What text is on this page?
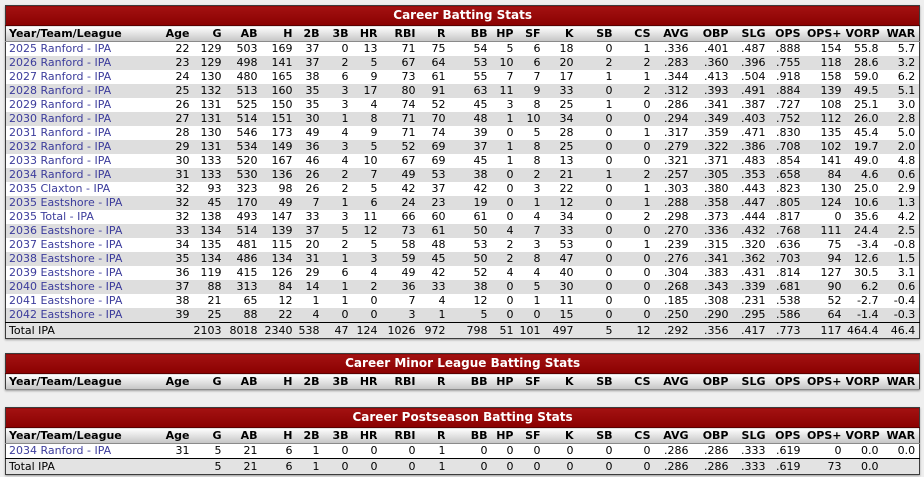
Career Batting Stats																						
Year/Team/League	Age	G	AB	H	2B	3B	HR	RBI	R	BB	HP	SF	K	SB	CS	AVG	OBP	SLG	OPS	OPS+	VORP	WAR
2025 Ranford - IPA	22	129	503	169	37	0	13	71	75	54	5	6	18	0	1	.336	.401	.487	.888	154	55.8	5.7
2026 Ranford - IPA	23	129	498	141	37	2	5	67	64	53	10	6	20	2	2	.283	.360	.396	.755	118	28.6	3.2
2027 Ranford - IPA	24	130	480	165	38	6	9	73	61	55	7	7	17	1	1	.344	.413	.504	.918	158	59.0	6.2
2028 Ranford - IPA	25	132	513	160	35	3	17	80	91	63	11	9	33	0	2	.312	.393	.491	.884	139	49.5	5.1
2029 Ranford - IPA	26	131	525	150	35	3	4	74	52	45	3	8	25	1	0	.286	.341	.387	.727	108	25.1	3.0
2030 Ranford - IPA	27	131	514	151	30	1	8	71	70	48	1	10	34	0	0	.294	.349	.403	.752	112	26.0	2.8
2031 Ranford - IPA	28	130	546	173	49	4	9	71	74	39	0	5	28	0	1	.317	.359	.471	.830	135	45.4	5.0
2032 Ranford - IPA	29	131	534	149	36	3	5	52	69	37	1	8	25	0	0	.279	.322	.386	.708	102	19.7	2.0
2033 Ranford - IPA	30	133	520	167	46	4	10	67	69	45	1	8	13	0	0	.321	.371	.483	.854	141	49.0	4.8
2034 Ranford - IPA	31	133	530	136	26	2	7	49	53	38	0	2	21	1	2	.257	.305	.353	.658	84	4.6	0.6
2035 Claxton - IPA	32	93	323	98	26	2	5	42	37	42	0	3	22	0	1	.303	.380	.443	.823	130	25.0	2.9
2035 Eastshore - IPA	32	45	170	49	7	1	6	24	23	19	0	1	12	0	1	.288	.358	.447	.805	124	10.6	1.3
2035 Total - IPA	32	138	493	147	33	3	11	66	60	61	0	4	34	0	2	.298	.373	.444	.817	0	35.6	4.2
2036 Eastshore - IPA	33	134	514	139	37	5	12	73	61	50	4	7	33	0	0	.270	.336	.432	.768	111	24.4	2.5
2037 Eastshore - IPA	34	135	481	115	20	2	5	58	48	53	2	3	53	0	1	.239	.315	.320	.636	75	-3.4	-0.8
2038 Eastshore - IPA	35	134	486	134	31	1	3	59	45	50	2	8	47	0	0	.276	.341	.362	.703	94	12.6	1.5
2039 Eastshore - IPA	36	119	415	126	29	6	4	49	42	52	4	4	40	0	0	.304	.383	.431	.814	127	30.5	3.1
2040 Eastshore - IPA	37	88	313	84	14	1	2	36	33	38	0	5	30	0	0	.268	.343	.339	.681	90	6.2	0.6
2041 Eastshore - IPA	38	21	65	12	1	1	0	7	4	12	0	1	11	0	0	.185	.308	.231	.538	52	-2.7	-0.4
2042 Eastshore - IPA	39	25	88	22	4	0	0	3	1	5	0	0	15	0	0	.250	.290	.295	.586	64	-1.4	-0.3
Total IPA		2103	8018	2340	538	47	124	1026	972	798	51	101	497	5	12	.292	.356	.417	.773	117	464.4	46.4
Career Minor League Batting Stats
Year/Team/League	Age	G	AB	H	2B	3B	HR	RBI	R	BB	HP	SF	K	SB	CS	AVG	OBP	SLG	OPS	OPS+	VORP	WAR
Career Postseason Batting Stats																						
Year/Team/League	Age	G	AB	H	2B	3B	HR	RBI	R	BB	HP	SF	K	SB	CS	AVG	OBP	SLG	OPS	OPS+	VORP	WAR
2034 Ranford - IPA	31	5	21	6	1	0	0	0	1	0	0	0	0	0	0	.286	.286	.333	.619	0	0.0	0.0
Total IPA		5	21	6	1	0	0	0	1	0	0	0	0	0	0	.286	.286	.333	.619	73	0.0	
